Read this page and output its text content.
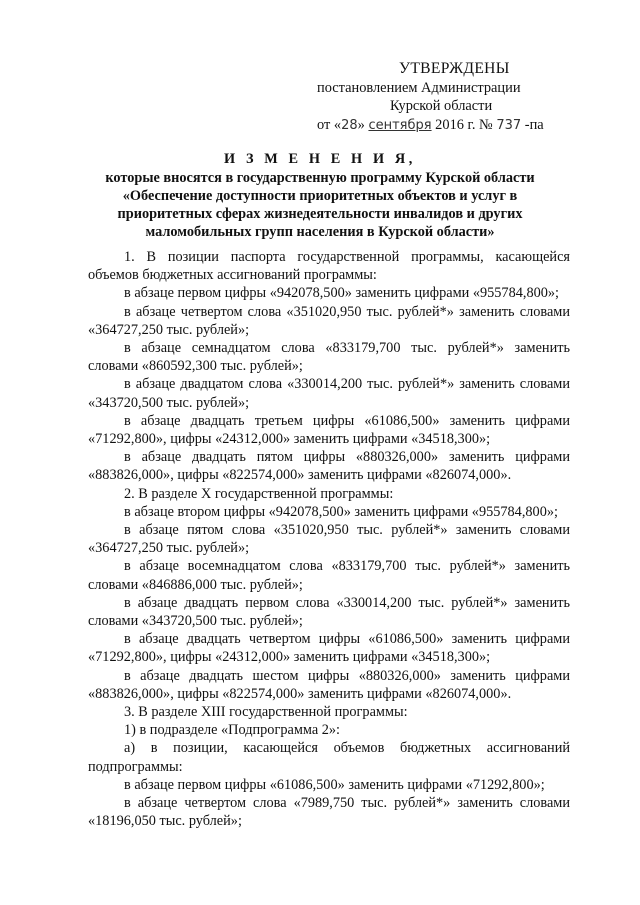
УТВЕРЖДЕНЫ
постановлением Администрации
Курской области
от «28» сентября 2016 г. № 737 -па
И З М Е Н Е Н И Я,
которые вносятся в государственную программу Курской области
«Обеспечение доступности приоритетных объектов и услуг в
приоритетных сферах жизнедеятельности инвалидов и других
маломобильных групп населения в Курской области»

1. В позиции паспорта государственной программы, касающейся объемов бюджетных ассигнований программы:

в абзаце первом цифры «942078,500» заменить цифрами «955784,800»;

в абзаце четвертом слова «351020,950 тыс. рублей*» заменить словами «364727,250 тыс. рублей»;

в абзаце семнадцатом слова «833179,700 тыс. рублей*» заменить словами «860592,300 тыс. рублей»;

в абзаце двадцатом слова «330014,200 тыс. рублей*» заменить словами «343720,500 тыс. рублей»;

в абзаце двадцать третьем цифры «61086,500» заменить цифрами «71292,800», цифры «24312,000» заменить цифрами «34518,300»;

в абзаце двадцать пятом цифры «880326,000» заменить цифрами «883826,000», цифры «822574,000» заменить цифрами «826074,000».

2. В разделе X государственной программы:

в абзаце втором цифры «942078,500» заменить цифрами «955784,800»;

в абзаце пятом слова «351020,950 тыс. рублей*» заменить словами «364727,250 тыс. рублей»;

в абзаце восемнадцатом слова «833179,700 тыс. рублей*» заменить словами «846886,000 тыс. рублей»;

в абзаце двадцать первом слова «330014,200 тыс. рублей*» заменить словами «343720,500 тыс. рублей»;

в абзаце двадцать четвертом цифры «61086,500» заменить цифрами «71292,800», цифры «24312,000» заменить цифрами «34518,300»;

в абзаце двадцать шестом цифры «880326,000» заменить цифрами «883826,000», цифры «822574,000» заменить цифрами «826074,000».

3. В разделе XIII государственной программы:

1) в подразделе «Подпрограмма 2»:

а) в позиции, касающейся объемов бюджетных ассигнований подпрограммы:

в абзаце первом цифры «61086,500» заменить цифрами «71292,800»;

в абзаце четвертом слова «7989,750 тыс. рублей*» заменить словами «18196,050 тыс. рублей»;
